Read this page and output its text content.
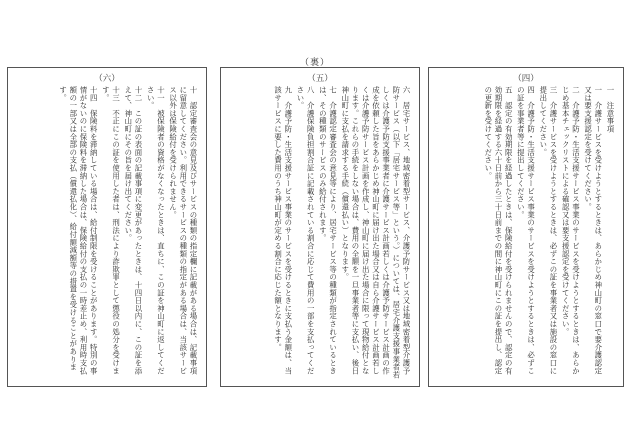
（裏）
（六）

十　認定審査会の意見及びサービスの種類の指定欄に記載がある場合は、記載事項に留意してください。利用できるサービスの種類の指定がある場合は、当該サービス以外は保険給付を受けられません。

十一　被保険者の資格がなくなったときは、直ちに、この証を神山町に返してください。

十二　この証の表面の記載事項に変更があったときは、十四日以内に、この証を添えて、神山町にその旨を届け出てください。

十三　不正にこの証を使用した者は、刑法により詐欺罪として懲役の処分を受けます。

十四　保険料を滞納している場合は、給付制限を受けることがあります。特別の事情がないのに保険料を滞納した場合は、保険給付の支払の一時差止め、利用時支払額の一部又は全部の支払（償還払化）、給付額減額等の措置を受けることがあります。

（五）

六　居宅サービス、地域密着型サービス、介護予防サービス又は地域密着型介護予防サービス（以下「居宅サービス等」という。）については、居宅介護支援事業者若しくは介護予防支援事業者に介護サービス計画若しくは介護予防サービス計画の作成を依頼した旨をあらかじめ神山町に届け出た場合又は自ら介護サービス計画若しくは介護予防サービス計画を作成し、神山町に届け出た場合に限って現物給付となります。これらの手続をしない場合は、費用の全額を一旦事業者等に支払い、後日神山町に支払を請求する手続（償還払い）となります。

七　介護認定審査会の意見等により、居宅サービス等の種類が指定されているときは、その種類のサービスのみ給付されます。

八　介護保険負担割合証に記載されている割合に応じて費用の一部を支払ってください。

九　介護予防・生活支援サービス事業のサービスを受けるときに支払う金額は、当該サービスに要した費用のうち神山町が定める割合に応じた額となります。

（四）

一　注意事項

一　介護サービスを受けようとするときは、あらかじめ神山町の窓口で要介護認定又は要支援認定を受けてください。

二　介護予防・生活支援サービス事業のサービスを受けようとするときは、あらかじめ基本チェックリストによる確認又は要支援認定を受けてください。

三　介護サービスを受けようとするときは、必ずこの証を事業者又は施設の窓口に提出してください。

四　介護予防・生活支援サービス事業のサービスを受けようとするときは、必ずこの証を事業者等に提出してください。

五　認定の有効期限を経過したときは、保険給付を受けられませんので、認定の有効期限を経過する六十日前から三十日前までの間に神山町にこの証を提出し、認定の更新を受けてください。
